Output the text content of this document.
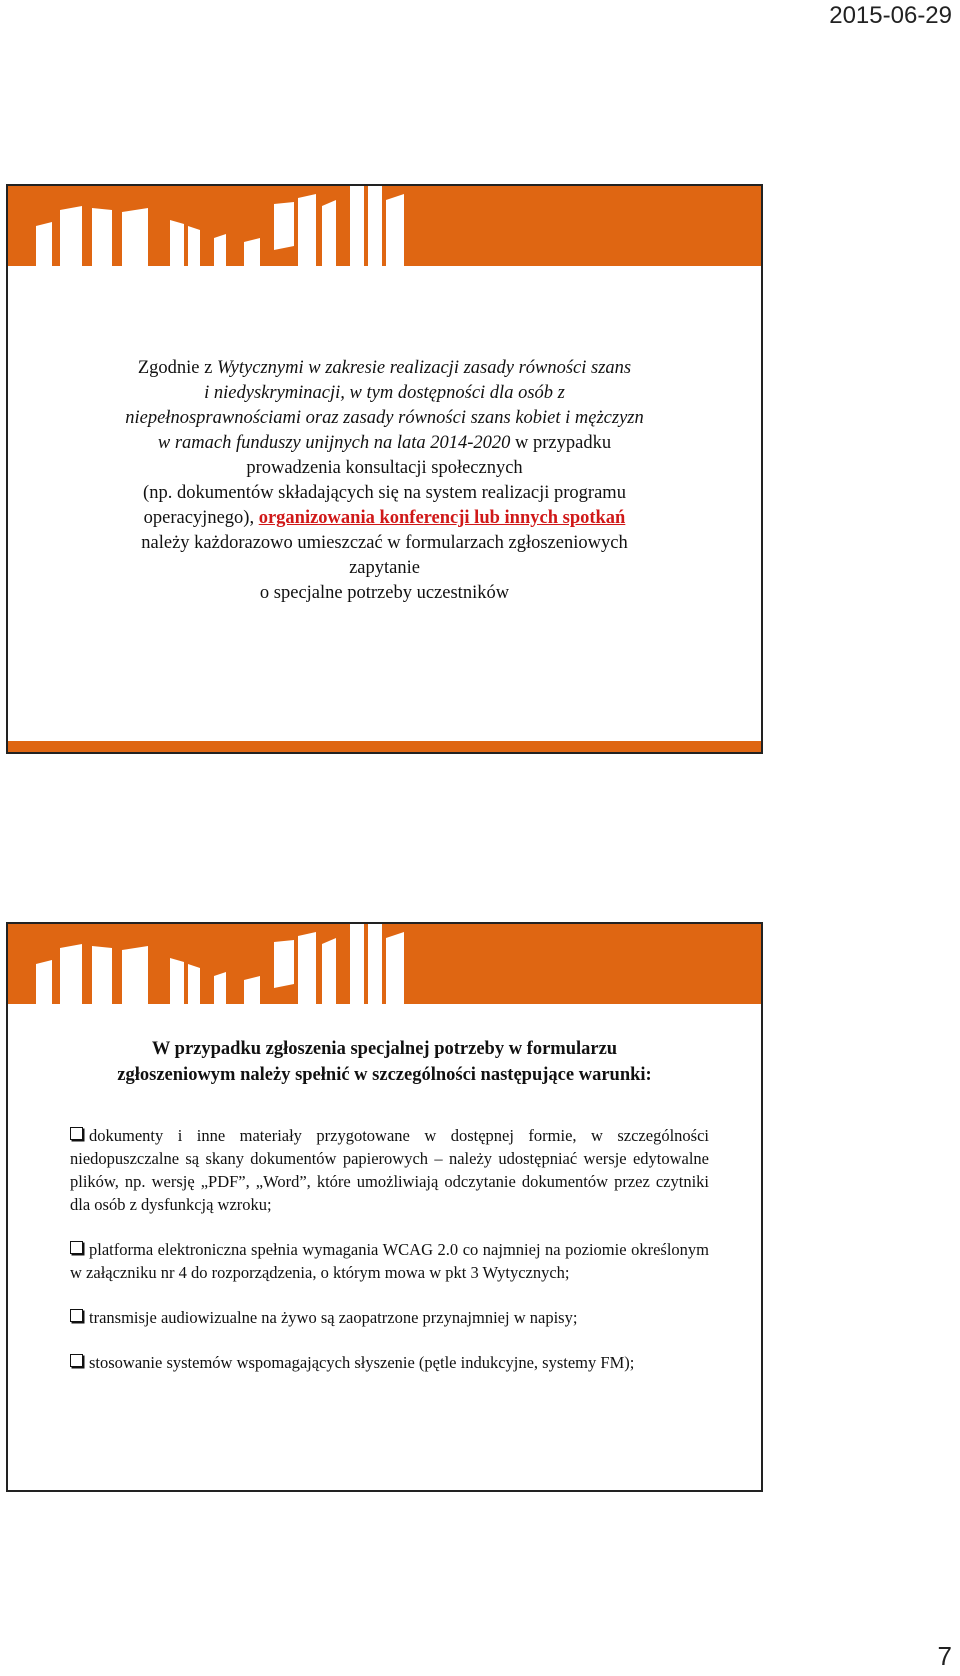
2015-06-29

Zgodnie z Wytycznymi w zakresie realizacji zasady równości szans

i niedyskryminacji, w tym dostępności dla osób z

niepełnosprawnościami oraz zasady równości szans kobiet i mężczyzn

w ramach funduszy unijnych na lata 2014-2020 w przypadku

prowadzenia konsultacji społecznych

(np. dokumentów składających się na system realizacji programu

operacyjnego), organizowania konferencji lub innych spotkań

należy każdorazowo umieszczać w formularzach zgłoszeniowych

zapytanie

o specjalne potrzeby uczestników

W przypadku zgłoszenia specjalnej potrzeby w formularzu
zgłoszeniowym należy spełnić w szczególności następujące warunki:

dokumenty i inne materiały przygotowane w dostępnej formie, w szczególności niedopuszczalne są skany dokumentów papierowych – należy udostępniać wersje edytowalne plików, np. wersję „PDF”, „Word”, które umożliwiają odczytanie dokumentów przez czytniki dla osób z dysfunkcją wzroku;

platforma elektroniczna spełnia wymagania WCAG 2.0 co najmniej na poziomie określonym w załączniku nr 4 do rozporządzenia, o którym mowa w pkt 3 Wytycznych;

transmisje audiowizualne na żywo są zaopatrzone przynajmniej w napisy;

stosowanie systemów wspomagających słyszenie (pętle indukcyjne, systemy FM);

7
